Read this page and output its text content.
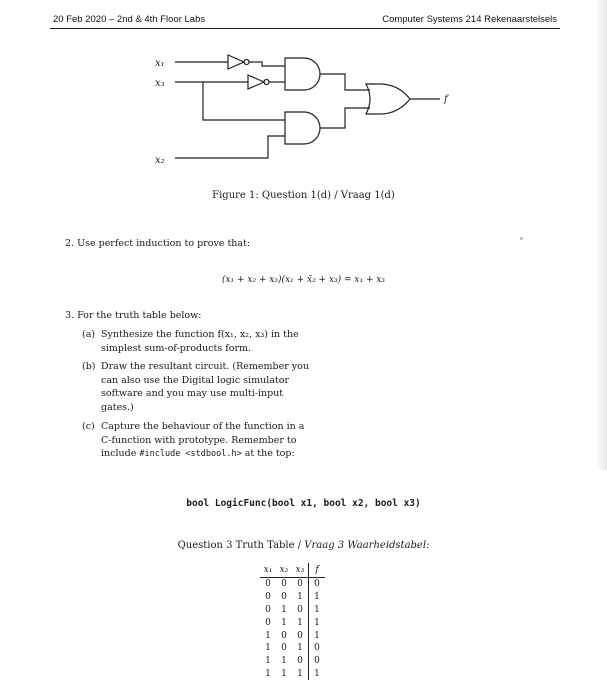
20 Feb 2020 – 2nd & 4th Floor Labs	Computer Systems 214 Rekenaarstelsels
x₁
x₃
x₂
f
Figure 1: Question 1(d) / Vraag 1(d)
2. Use perfect induction to prove that:
(x₁ + x₂ + x₃)(x₁ + x̄₂ + x₃) = x₁ + x₃
3. For the truth table below:
(a) Synthesize the function f(x₁, x₂, x₃) in the simplest sum-of-products form.
(b) Draw the resultant circuit. (Remember you can also use the Digital logic simulator software and you may use multi-input gates.)
(c) Capture the behaviour of the function in a C-function with prototype. Remember to include #include <stdbool.h> at the top:
bool LogicFunc(bool x1, bool x2, bool x3)
Question 3 Truth Table / Vraag 3 Waarheidstabel:
x₁	x₂	x₃	f
0	0	0	0
0	0	1	1
0	1	0	1
0	1	1	1
1	0	0	1
1	0	1	0
1	1	0	0
1	1	1	1
